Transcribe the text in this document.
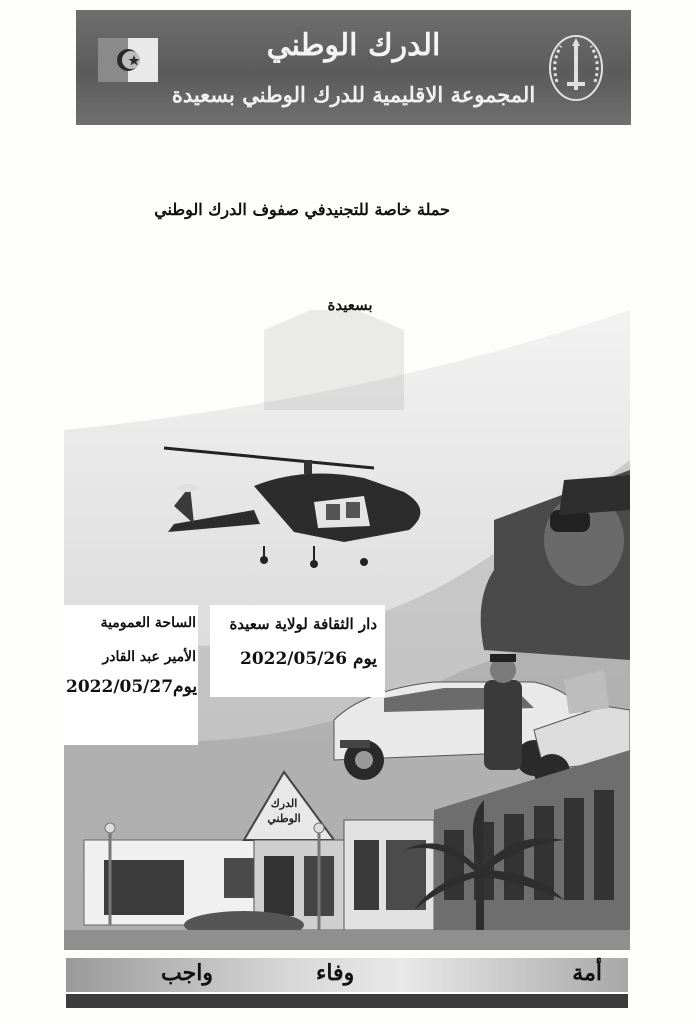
الدرك الوطني
المجموعة الاقليمية للدرك الوطني بسعيدة
حملة خاصة للتجنيدفي صفوف الدرك الوطني
بسعيدة
دار الثقافة لولاية سعيدة
يوم 2022/05/26
الساحة العمومية
الأمير عبد القادر
يوم2022/05/27
الدرك
الوطني
أمة
وفاء
واجب
